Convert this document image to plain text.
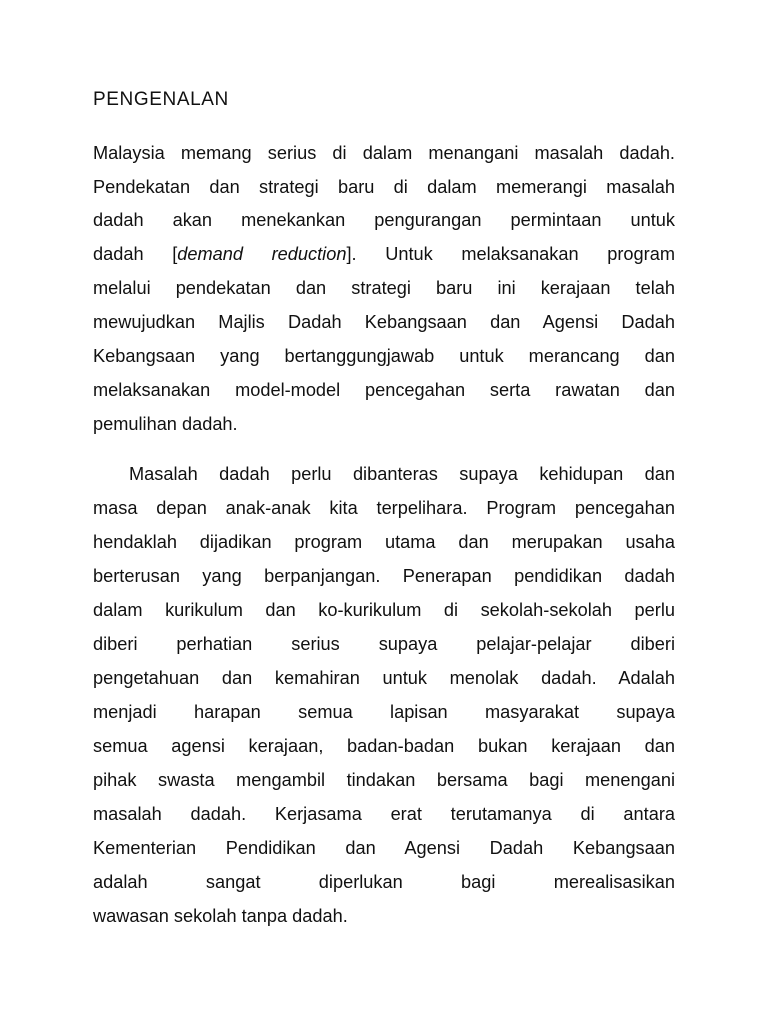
PENGENALAN
Malaysia memang serius di dalam menangani masalah dadah.
Pendekatan dan strategi baru di dalam memerangi masalah
dadah akan menekankan pengurangan permintaan untuk
dadah [demand reduction]. Untuk melaksanakan program
melalui pendekatan dan strategi baru ini kerajaan telah
mewujudkan Majlis Dadah Kebangsaan dan Agensi Dadah
Kebangsaan yang bertanggungjawab untuk merancang dan
melaksanakan model-model pencegahan serta rawatan dan
pemulihan dadah.
Masalah dadah perlu dibanteras supaya kehidupan dan
masa depan anak-anak kita terpelihara. Program pencegahan
hendaklah dijadikan program utama dan merupakan usaha
berterusan yang berpanjangan. Penerapan pendidikan dadah
dalam kurikulum dan ko-kurikulum di sekolah-sekolah perlu
diberi perhatian serius supaya pelajar-pelajar diberi
pengetahuan dan kemahiran untuk menolak dadah. Adalah
menjadi harapan semua lapisan masyarakat supaya
semua agensi kerajaan, badan-badan bukan kerajaan dan
pihak swasta mengambil tindakan bersama bagi menengani
masalah dadah. Kerjasama erat terutamanya di antara
Kementerian Pendidikan dan Agensi Dadah Kebangsaan
adalah sangat diperlukan bagi merealisasikan
wawasan sekolah tanpa dadah.
